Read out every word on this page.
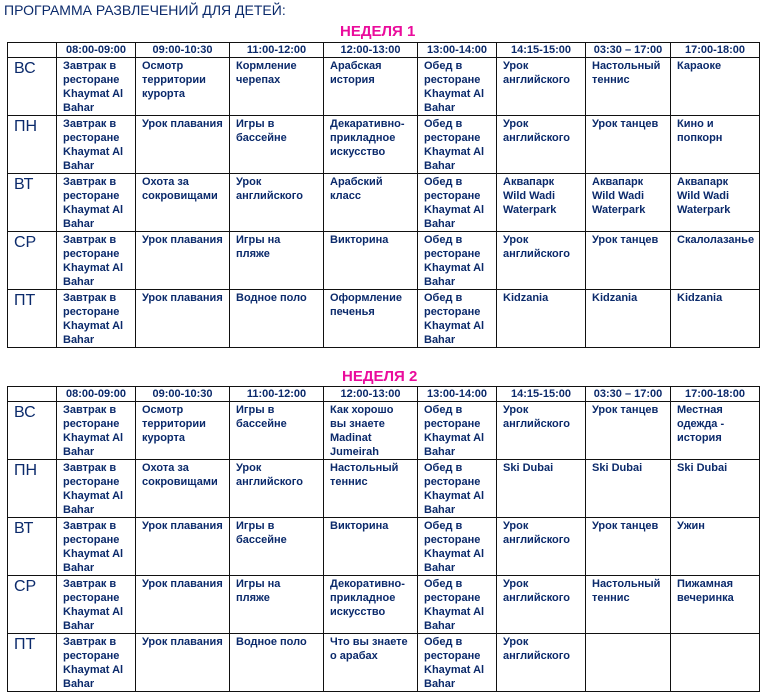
ПРОГРАММА РАЗВЛЕЧЕНИЙ ДЛЯ ДЕТЕЙ:
НЕДЕЛЯ 1
	08:00-09:00	09:00-10:30	11:00-12:00	12:00-13:00	13:00-14:00	14:15-15:00	03:30 – 17:00	17:00-18:00
ВС	Завтрак в ресторане Khaymat Al Bahar	Осмотр территории курорта	Кормление черепах	Арабская история	Обед в ресторане Khaymat Al Bahar	Урок английского	Настольный теннис	Караоке
ПН	Завтрак в ресторане Khaymat Al Bahar	Урок плавания	Игры в бассейне	Декаративно-прикладное искусство	Обед в ресторане Khaymat Al Bahar	Урок английского	Урок танцев	Кино и попкорн
ВТ	Завтрак в ресторане Khaymat Al Bahar	Охота за сокровищами	Урок английского	Арабский класс	Обед в ресторане Khaymat Al Bahar	Аквапарк Wild Wadi Waterpark	Аквапарк Wild Wadi Waterpark	Аквапарк Wild Wadi Waterpark
СР	Завтрак в ресторане Khaymat Al Bahar	Урок плавания	Игры на пляже	Викторина	Обед в ресторане Khaymat Al Bahar	Урок английского	Урок танцев	Скалолазанье
ПТ	Завтрак в ресторане Khaymat Al Bahar	Урок плавания	Водное поло	Оформление печенья	Обед в ресторане Khaymat Al Bahar	Kidzania	Kidzania	Kidzania
НЕДЕЛЯ 2
	08:00-09:00	09:00-10:30	11:00-12:00	12:00-13:00	13:00-14:00	14:15-15:00	03:30 – 17:00	17:00-18:00
ВС	Завтрак в ресторане Khaymat Al Bahar	Осмотр территории курорта	Игры в бассейне	Как хорошо вы знаете Madinat Jumeirah	Обед в ресторане Khaymat Al Bahar	Урок английского	Урок танцев	Местная одежда - история
ПН	Завтрак в ресторане Khaymat Al Bahar	Охота за сокровищами	Урок английского	Настольный теннис	Обед в ресторане Khaymat Al Bahar	Ski Dubai	Ski Dubai	Ski Dubai
ВТ	Завтрак в ресторане Khaymat Al Bahar	Урок плавания	Игры в бассейне	Викторина	Обед в ресторане Khaymat Al Bahar	Урок английского	Урок танцев	Ужин
СР	Завтрак в ресторане Khaymat Al Bahar	Урок плавания	Игры на пляже	Декоративно-прикладное искусство	Обед в ресторане Khaymat Al Bahar	Урок английского	Настольный теннис	Пижамная вечеринка
ПТ	Завтрак в ресторане Khaymat Al Bahar	Урок плавания	Водное поло	Что вы знаете о арабах	Обед в ресторане Khaymat Al Bahar	Урок английского		
